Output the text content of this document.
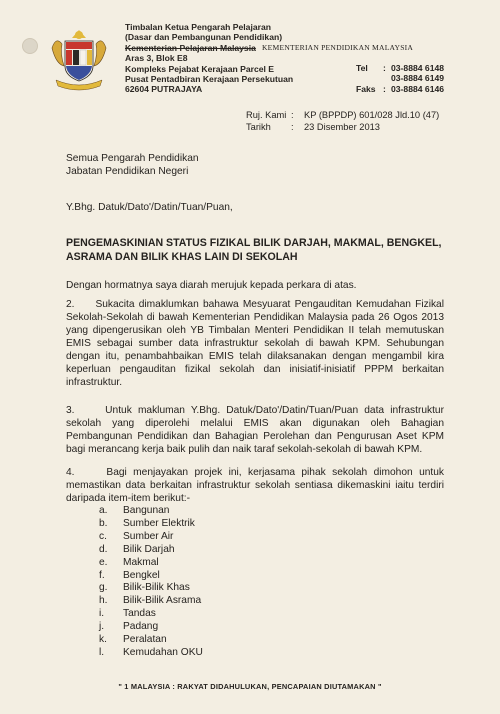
Timbalan Ketua Pengarah Pelajaran
(Dasar dan Pembangunan Pendidikan)
Kementerian Pelajaran Malaysia
Aras 3, Blok E8
Kompleks Pejabat Kerajaan Parcel E
Pusat Pentadbiran Kerajaan Persekutuan
62604 PUTRAJAYA
KEMENTERIAN PENDIDIKAN MALAYSIA
Tel

Faks
:

:
03-8884 6148
03-8884 6149
03-8884 6146
Ruj. Kami
Tarikh
:
:
KP (BPPDP) 601/028 Jld.10 (47)
23 Disember 2013
Semua Pengarah Pendidikan
Jabatan Pendidikan Negeri
Y.Bhg. Datuk/Dato'/Datin/Tuan/Puan,
PENGEMASKINIAN STATUS FIZIKAL BILIK DARJAH, MAKMAL, BENGKEL, ASRAMA DAN BILIK KHAS LAIN DI SEKOLAH
Dengan hormatnya saya diarah merujuk kepada perkara di atas.
2.     Sukacita dimaklumkan bahawa Mesyuarat Pengauditan Kemudahan Fizikal Sekolah-Sekolah di bawah Kementerian Pendidikan Malaysia pada 26 Ogos 2013 yang dipengerusikan oleh YB Timbalan Menteri Pendidikan II telah memutuskan EMIS sebagai sumber data infrastruktur sekolah di bawah KPM. Sehubungan dengan itu, penambahbaikan EMIS telah dilaksanakan dengan mengambil kira keperluan pengauditan fizikal sekolah dan inisiatif-inisiatif PPPM berkaitan infrastruktur.
3.     Untuk makluman Y.Bhg. Datuk/Dato'/Datin/Tuan/Puan data infrastruktur sekolah yang diperolehi melalui EMIS akan digunakan oleh Bahagian Pembangunan Pendidikan dan Bahagian Perolehan dan Pengurusan Aset KPM bagi merancang kerja baik pulih dan naik taraf sekolah-sekolah di bawah KPM.
4.     Bagi menjayakan projek ini, kerjasama pihak sekolah dimohon untuk memastikan data berkaitan infrastruktur sekolah sentiasa dikemaskini iaitu terdiri daripada item-item berikut:-
a. Bangunan
b. Sumber Elektrik
c. Sumber Air
d. Bilik Darjah
e. Makmal
f. Bengkel
g. Bilik-Bilik Khas
h. Bilik-Bilik Asrama
i. Tandas
j. Padang
k. Peralatan
l. Kemudahan OKU
" 1 MALAYSIA : RAKYAT DIDAHULUKAN, PENCAPAIAN DIUTAMAKAN "
